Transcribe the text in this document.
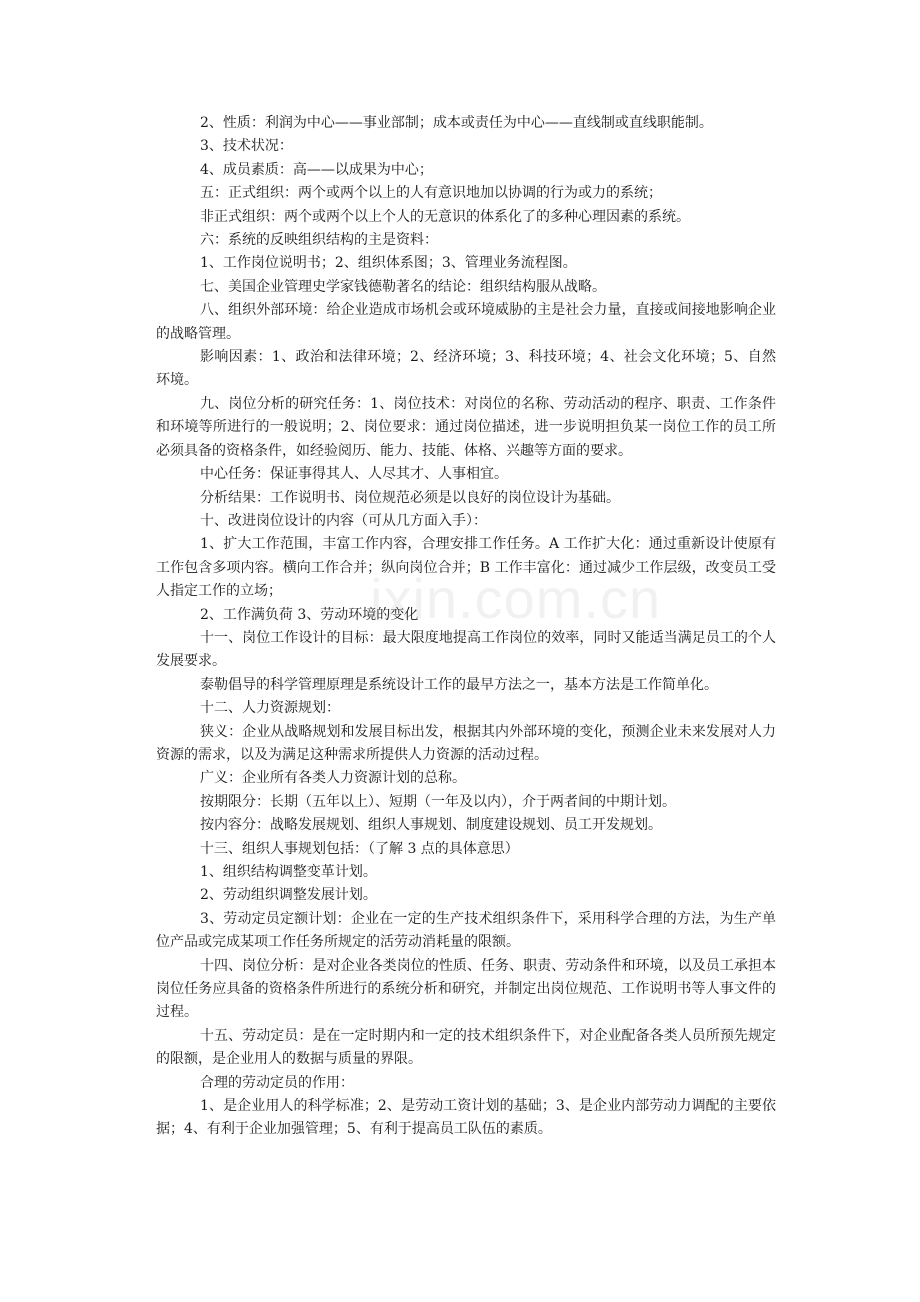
ixin.com.cn

2、性质：利润为中心——事业部制；成本或责任为中心——直线制或直线职能制。

3、技术状况：

4、成员素质：高——以成果为中心；

五：正式组织：两个或两个以上的人有意识地加以协调的行为或力的系统；

非正式组织：两个或两个以上个人的无意识的体系化了的多种心理因素的系统。

六：系统的反映组织结构的主是资料：

1、工作岗位说明书；2、组织体系图；3、管理业务流程图。

七、美国企业管理史学家钱德勒著名的结论：组织结构服从战略。

八、组织外部环境：给企业造成市场机会或环境威胁的主是社会力量，直接或间接地影响企业的战略管理。

影响因素：1、政治和法律环境；2、经济环境；3、科技环境；4、社会文化环境；5、自然环境。

九、岗位分析的研究任务：1、岗位技术：对岗位的名称、劳动活动的程序、职责、工作条件和环境等所进行的一般说明；2、岗位要求：通过岗位描述，进一步说明担负某一岗位工作的员工所必须具备的资格条件，如经验阅历、能力、技能、体格、兴趣等方面的要求。

中心任务：保证事得其人、人尽其才、人事相宜。

分析结果：工作说明书、岗位规范必须是以良好的岗位设计为基础。

十、改进岗位设计的内容（可从几方面入手）：

1、扩大工作范围，丰富工作内容，合理安排工作任务。A 工作扩大化：通过重新设计使原有工作包含多项内容。横向工作合并；纵向岗位合并；B 工作丰富化：通过减少工作层级，改变员工受人指定工作的立场；

2、工作满负荷 3、劳动环境的变化

十一、岗位工作设计的目标：最大限度地提高工作岗位的效率，同时又能适当满足员工的个人发展要求。

泰勒倡导的科学管理原理是系统设计工作的最早方法之一，基本方法是工作简单化。

十二、人力资源规划：

狭义：企业从战略规划和发展目标出发，根据其内外部环境的变化，预测企业未来发展对人力资源的需求，以及为满足这种需求所提供人力资源的活动过程。

广义：企业所有各类人力资源计划的总称。

按期限分：长期（五年以上）、短期（一年及以内），介于两者间的中期计划。

按内容分：战略发展规划、组织人事规划、制度建设规划、员工开发规划。

十三、组织人事规划包括：（了解 3 点的具体意思）

1、组织结构调整变革计划。

2、劳动组织调整发展计划。

3、劳动定员定额计划：企业在一定的生产技术组织条件下，采用科学合理的方法，为生产单位产品或完成某项工作任务所规定的活劳动消耗量的限额。

十四、岗位分析：是对企业各类岗位的性质、任务、职责、劳动条件和环境，以及员工承担本岗位任务应具备的资格条件所进行的系统分析和研究，并制定出岗位规范、工作说明书等人事文件的过程。

十五、劳动定员：是在一定时期内和一定的技术组织条件下，对企业配备各类人员所预先规定的限额，是企业用人的数据与质量的界限。

合理的劳动定员的作用：

1、是企业用人的科学标准；2、是劳动工资计划的基础；3、是企业内部劳动力调配的主要依据；4、有利于企业加强管理；5、有利于提高员工队伍的素质。
